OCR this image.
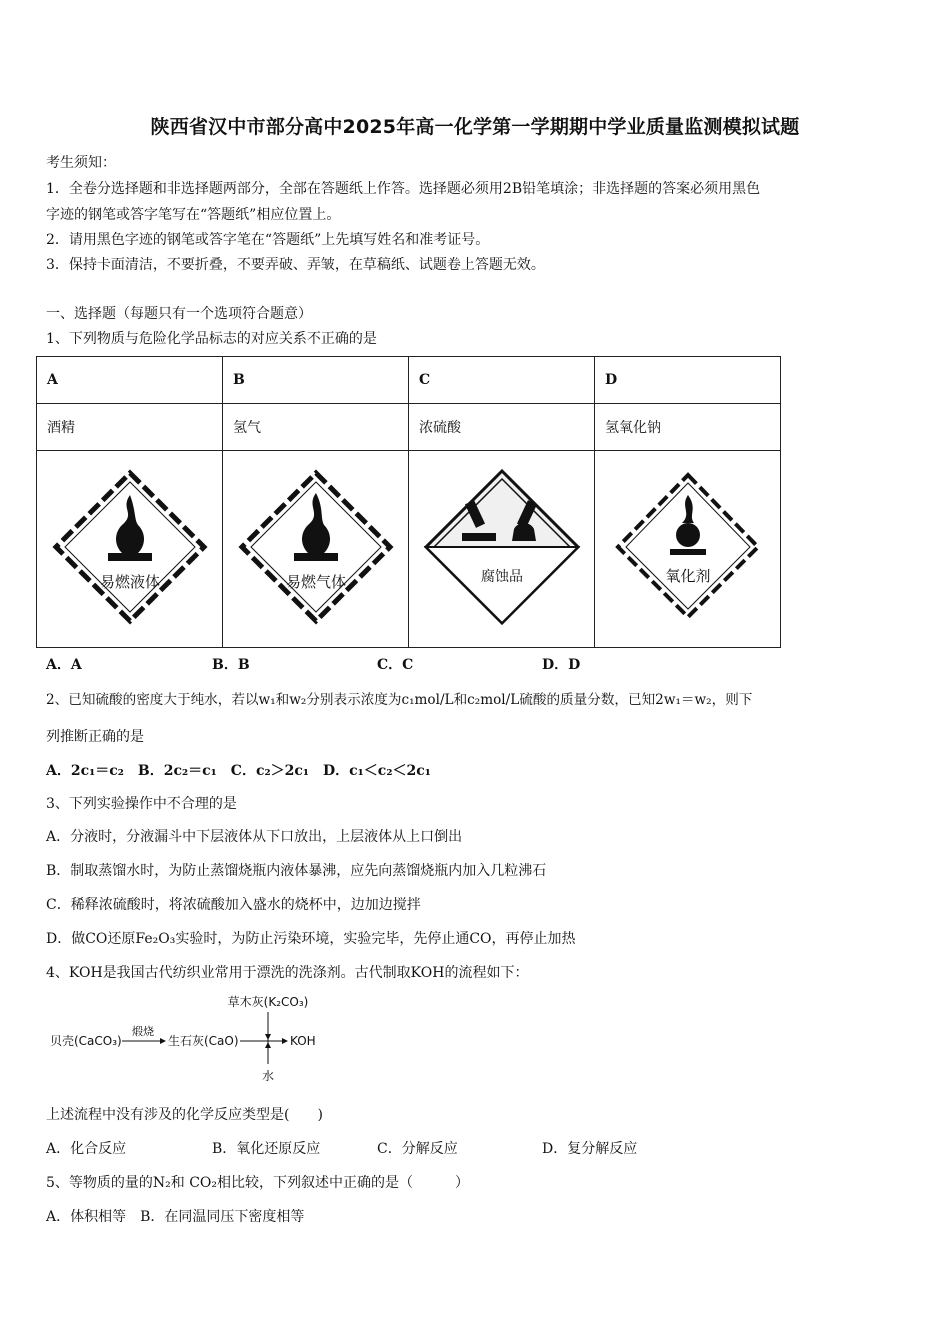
陕西省汉中市部分高中2025年高一化学第一学期期中学业质量监测模拟试题
考生须知：
1．全卷分选择题和非选择题两部分，全部在答题纸上作答。选择题必须用2B铅笔填涂；非选择题的答案必须用黑色
字迹的钢笔或答字笔写在“答题纸”相应位置上。
2．请用黑色字迹的钢笔或答字笔在“答题纸”上先填写姓名和准考证号。
3．保持卡面清洁，不要折叠，不要弄破、弄皱，在草稿纸、试题卷上答题无效。
一、选择题（每题只有一个选项符合题意）
1、下列物质与危险化学品标志的对应关系不正确的是
A	B	C	D
酒精	氢气	浓硫酸	氢氧化钠

易燃液体	易燃气体	腐蚀品	氧化剂
A．A	B．B	C．C	D．D
2、已知硫酸的密度大于纯水，若以w₁和w₂分别表示浓度为c₁mol/L和c₂mol/L硫酸的质量分数，已知2w₁＝w₂，则下
列推断正确的是
A．2c₁＝c₂　B．2c₂＝c₁　C．c₂＞2c₁　D．c₁＜c₂＜2c₁
3、下列实验操作中不合理的是
A．分液时，分液漏斗中下层液体从下口放出，上层液体从上口倒出
B．制取蒸馏水时，为防止蒸馏烧瓶内液体暴沸，应先向蒸馏烧瓶内加入几粒沸石
C．稀释浓硫酸时，将浓硫酸加入盛水的烧杯中，边加边搅拌
D．做CO还原Fe₂O₃实验时，为防止污染环境，实验完毕，先停止通CO，再停止加热
4、KOH是我国古代纺织业常用于漂洗的洗涤剂。古代制取KOH的流程如下：
贝壳(CaCO₃)
煅烧
生石灰(CaO)
草木灰(K₂CO₃)
KOH
水
上述流程中没有涉及的化学反应类型是(　　)
A．化合反应	B．氧化还原反应	C．分解反应	D．复分解反应
5、等物质的量的N₂和 CO₂相比较，下列叙述中正确的是（　　　）
A．体积相等　B．在同温同压下密度相等
